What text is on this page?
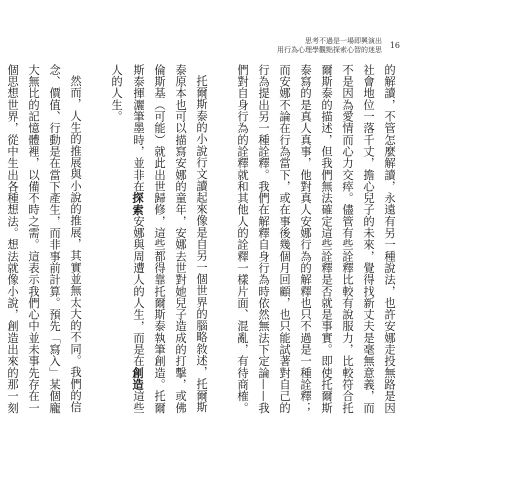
思考不過是一場即興演出
用行為心理學觀點探索心智的迷思 16

的解讀，不管怎麼解讀，永遠有另一種說法，也許安娜走投無路是因社會地位一落千丈，擔心兒子的未來，覺得找新丈夫是毫無意義，而不是因為愛情而心力交瘁。儘管有些詮釋比較有說服力，比較符合托爾斯泰的描述，但我們無法確定這些詮釋是否就是事實。即使托爾斯泰寫的是真人真事，他對真人安娜行為的解釋也只不過是一種詮釋；而安娜不論在行為當下，或在事後幾個月回顧，也只能試著對自己的行為提出另一種詮釋。我們在解釋自身行為時依然無法下定論——我們對自身行為的詮釋就和其他人的詮釋一樣片面、混亂，有待商榷。

托爾斯泰的小說行文讀起來像是自另一個世界的腦略敘述，托爾斯泰原本也可以描寫安娜的童年，安娜去世對她兒子造成的打擊，或佛倫斯基（可能）就此出世歸修，這些都得靠托爾斯泰執筆創造。托爾斯泰揮灑筆墨時，並非在探索安娜與周遭人的人生，而是在創造這些人的人生。

然而，人生的推展與小說的推展，其實並無太大的不同。我們的信念、價值、行動是在當下產生，而非事前計算。預先「寫入」某個龐大無比的記憶體裡，以備不時之需。這表示我們心中並未事先存在一個思想世界，從中生出各種想法。想法就像小說，創造出來的那一刻
